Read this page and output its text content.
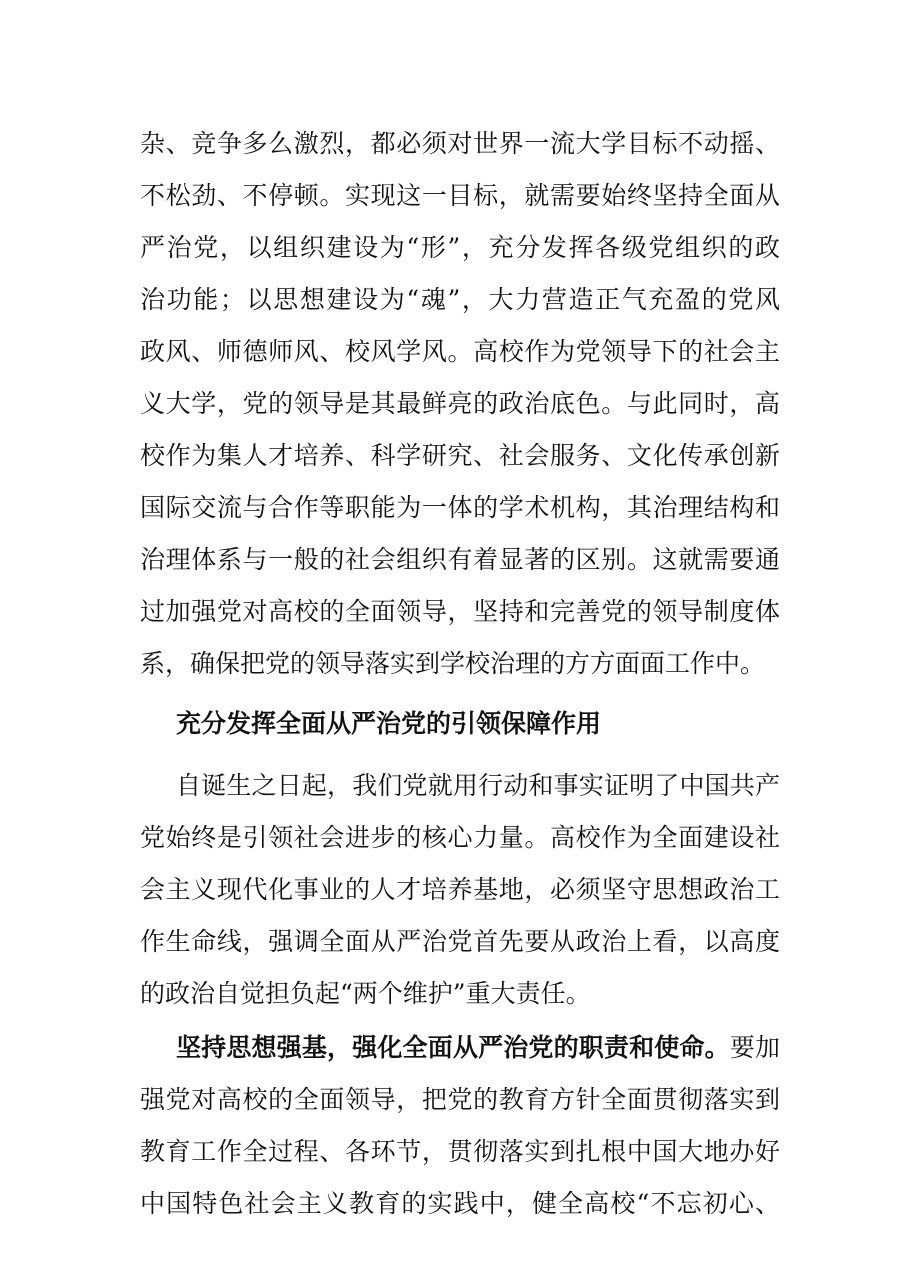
杂、竞争多么激烈，都必须对世界一流大学目标不动摇、
不松劲、不停顿。实现这一目标，就需要始终坚持全面从
严治党，以组织建设为“形”，充分发挥各级党组织的政
治功能；以思想建设为“魂”，大力营造正气充盈的党风
政风、师德师风、校风学风。高校作为党领导下的社会主
义大学，党的领导是其最鲜亮的政治底色。与此同时，高
校作为集人才培养、科学研究、社会服务、文化传承创新
国际交流与合作等职能为一体的学术机构，其治理结构和
治理体系与一般的社会组织有着显著的区别。这就需要通
过加强党对高校的全面领导，坚持和完善党的领导制度体
系，确保把党的领导落实到学校治理的方方面面工作中。
充分发挥全面从严治党的引领保障作用
自诞生之日起，我们党就用行动和事实证明了中国共产
党始终是引领社会进步的核心力量。高校作为全面建设社
会主义现代化事业的人才培养基地，必须坚守思想政治工
作生命线，强调全面从严治党首先要从政治上看，以高度
的政治自觉担负起“两个维护”重大责任。
坚持思想强基，强化全面从严治党的职责和使命。要加
强党对高校的全面领导，把党的教育方针全面贯彻落实到
教育工作全过程、各环节，贯彻落实到扎根中国大地办好
中国特色社会主义教育的实践中，健全高校“不忘初心、
